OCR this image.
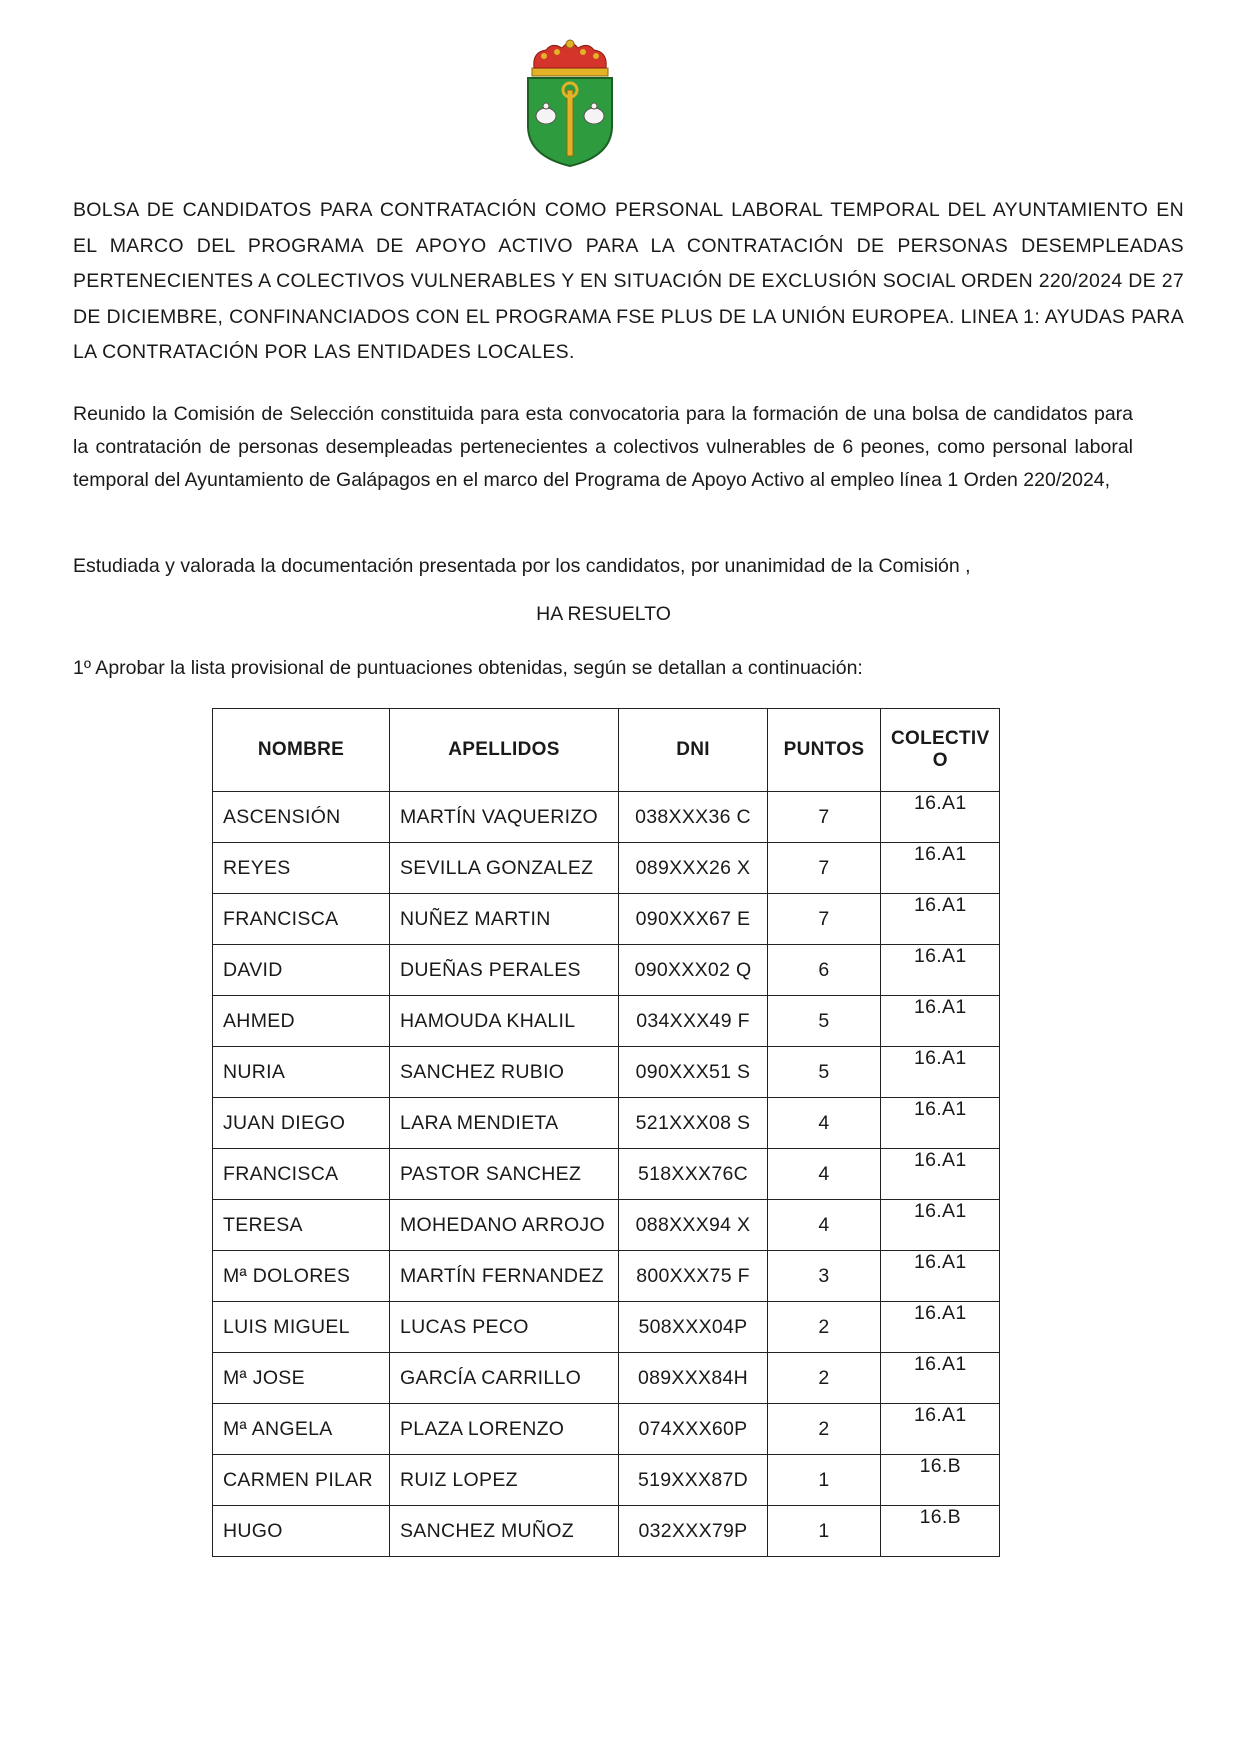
BOLSA DE CANDIDATOS PARA CONTRATACIÓN COMO PERSONAL LABORAL TEMPORAL DEL AYUNTAMIENTO EN EL MARCO DEL PROGRAMA DE APOYO ACTIVO PARA LA CONTRATACIÓN DE PERSONAS DESEMPLEADAS PERTENECIENTES A COLECTIVOS VULNERABLES Y EN SITUACIÓN DE EXCLUSIÓN SOCIAL ORDEN 220/2024 DE 27 DE DICIEMBRE, CONFINANCIADOS CON EL PROGRAMA FSE PLUS DE LA UNIÓN EUROPEA. LINEA 1: AYUDAS PARA LA CONTRATACIÓN POR LAS ENTIDADES LOCALES.

Reunido la Comisión de Selección constituida para esta convocatoria para la formación de una bolsa de candidatos para la contratación de personas desempleadas pertenecientes a colectivos vulnerables de 6 peones, como personal laboral temporal del Ayuntamiento de Galápagos en el marco del Programa de Apoyo Activo al empleo línea 1 Orden 220/2024,

Estudiada y valorada la documentación presentada por los candidatos, por unanimidad de la Comisión ,

HA RESUELTO

1º Aprobar la lista provisional de puntuaciones obtenidas, según se detallan a continuación:

NOMBRE	APELLIDOS	DNI	PUNTOS	COLECTIV O
ASCENSIÓN	MARTÍN VAQUERIZO	038XXX36 C	7	16.A1
REYES	SEVILLA GONZALEZ	089XXX26 X	7	16.A1
FRANCISCA	NUÑEZ MARTIN	090XXX67 E	7	16.A1
DAVID	DUEÑAS PERALES	090XXX02 Q	6	16.A1
AHMED	HAMOUDA KHALIL	034XXX49 F	5	16.A1
NURIA	SANCHEZ RUBIO	090XXX51 S	5	16.A1
JUAN DIEGO	LARA MENDIETA	521XXX08 S	4	16.A1
FRANCISCA	PASTOR SANCHEZ	518XXX76C	4	16.A1
TERESA	MOHEDANO ARROJO	088XXX94 X	4	16.A1
Mª DOLORES	MARTÍN FERNANDEZ	800XXX75 F	3	16.A1
LUIS MIGUEL	LUCAS PECO	508XXX04P	2	16.A1
Mª JOSE	GARCÍA CARRILLO	089XXX84H	2	16.A1
Mª ANGELA	PLAZA LORENZO	074XXX60P	2	16.A1
CARMEN PILAR	RUIZ LOPEZ	519XXX87D	1	16.B
HUGO	SANCHEZ MUÑOZ	032XXX79P	1	16.B
